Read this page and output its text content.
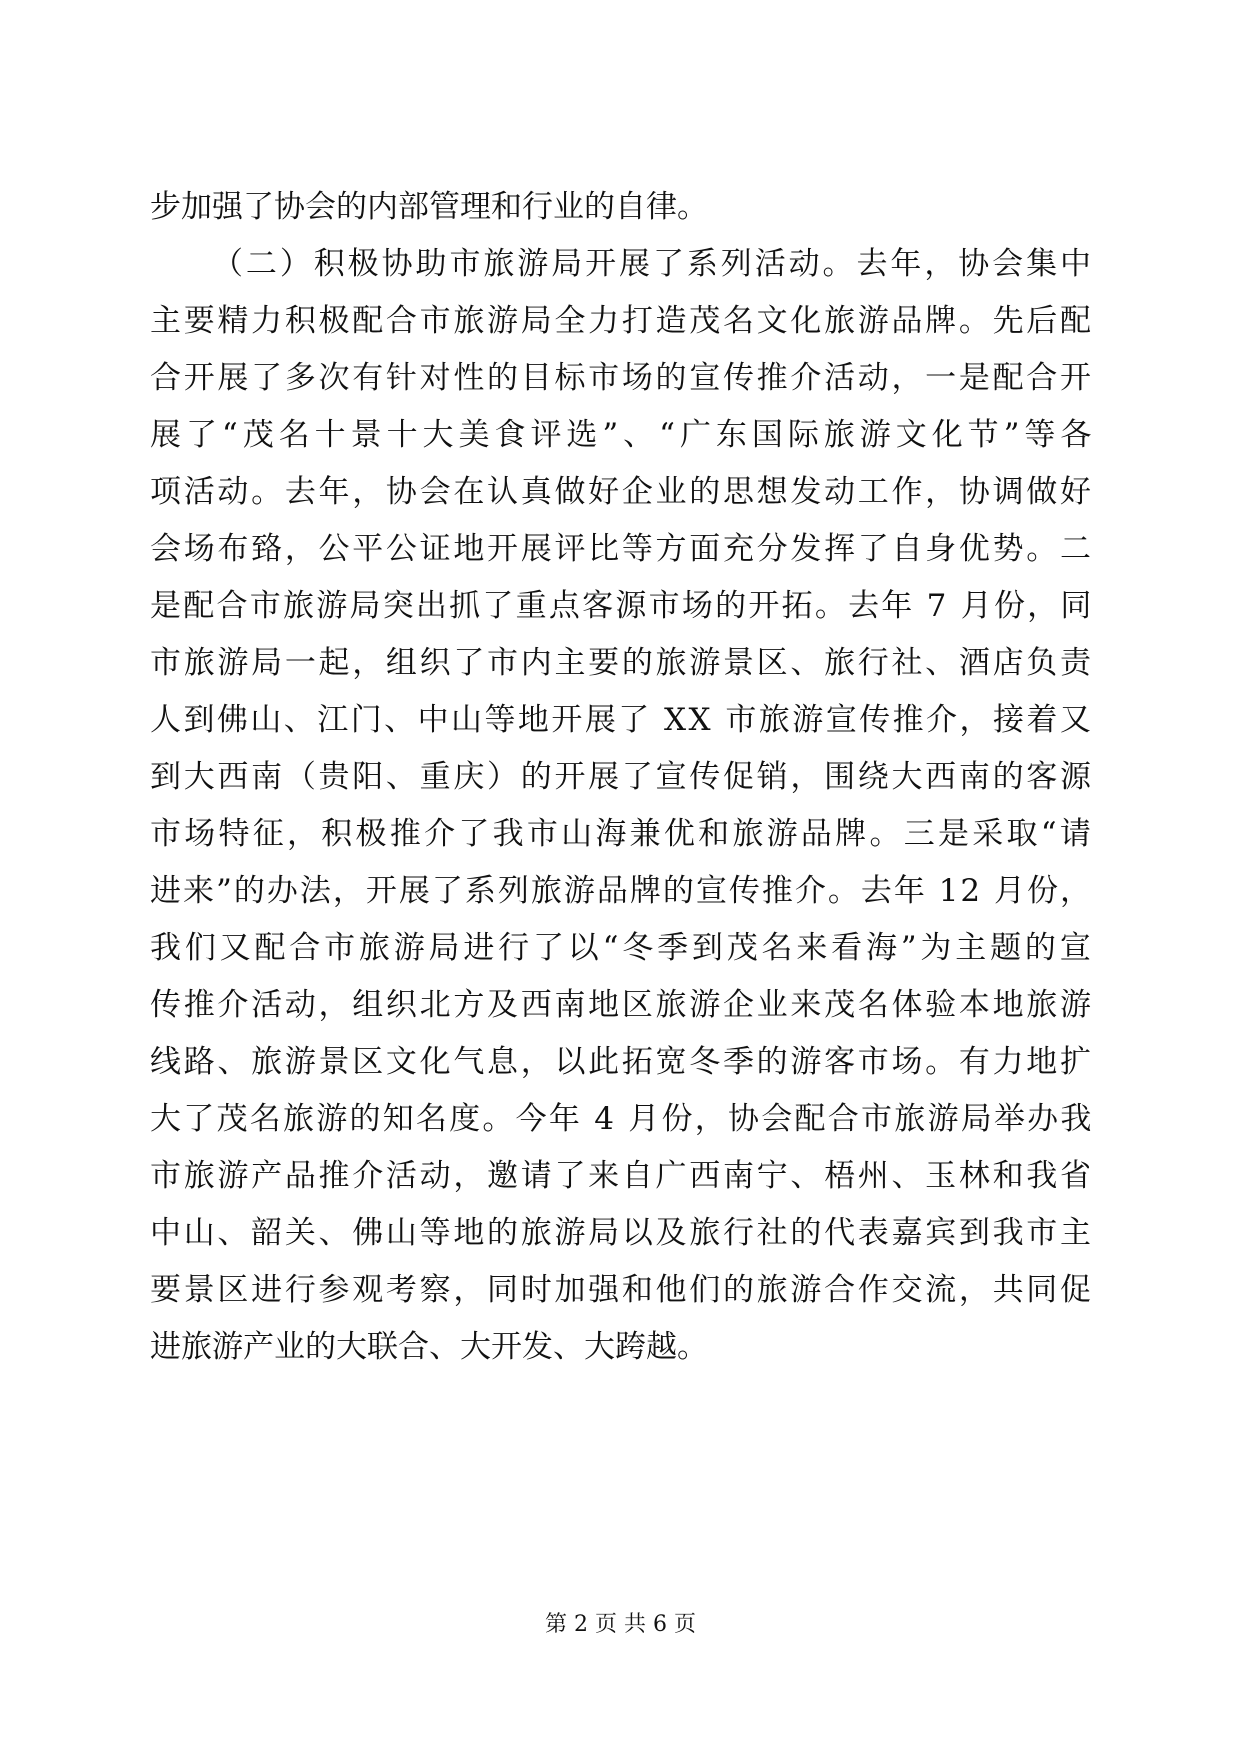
步加强了协会的内部管理和行业的自律。
（二）积极协助市旅游局开展了系列活动。去年，协会集中
主要精力积极配合市旅游局全力打造茂名文化旅游品牌。先后配
合开展了多次有针对性的目标市场的宣传推介活动，一是配合开
展了“茂名十景十大美食评选”、“广东国际旅游文化节”等各
项活动。去年，协会在认真做好企业的思想发动工作，协调做好
会场布臵，公平公证地开展评比等方面充分发挥了自身优势。二
是配合市旅游局突出抓了重点客源市场的开拓。去年 7 月份，同
市旅游局一起，组织了市内主要的旅游景区、旅行社、酒店负责
人到佛山、江门、中山等地开展了 XX 市旅游宣传推介，接着又
到大西南（贵阳、重庆）的开展了宣传促销，围绕大西南的客源
市场特征，积极推介了我市山海兼优和旅游品牌。三是采取“请
进来”的办法，开展了系列旅游品牌的宣传推介。去年 12 月份，
我们又配合市旅游局进行了以“冬季到茂名来看海”为主题的宣
传推介活动，组织北方及西南地区旅游企业来茂名体验本地旅游
线路、旅游景区文化气息，以此拓宽冬季的游客市场。有力地扩
大了茂名旅游的知名度。今年 4 月份，协会配合市旅游局举办我
市旅游产品推介活动，邀请了来自广西南宁、梧州、玉林和我省
中山、韶关、佛山等地的旅游局以及旅行社的代表嘉宾到我市主
要景区进行参观考察，同时加强和他们的旅游合作交流，共同促
进旅游产业的大联合、大开发、大跨越。
第 2 页 共 6 页
